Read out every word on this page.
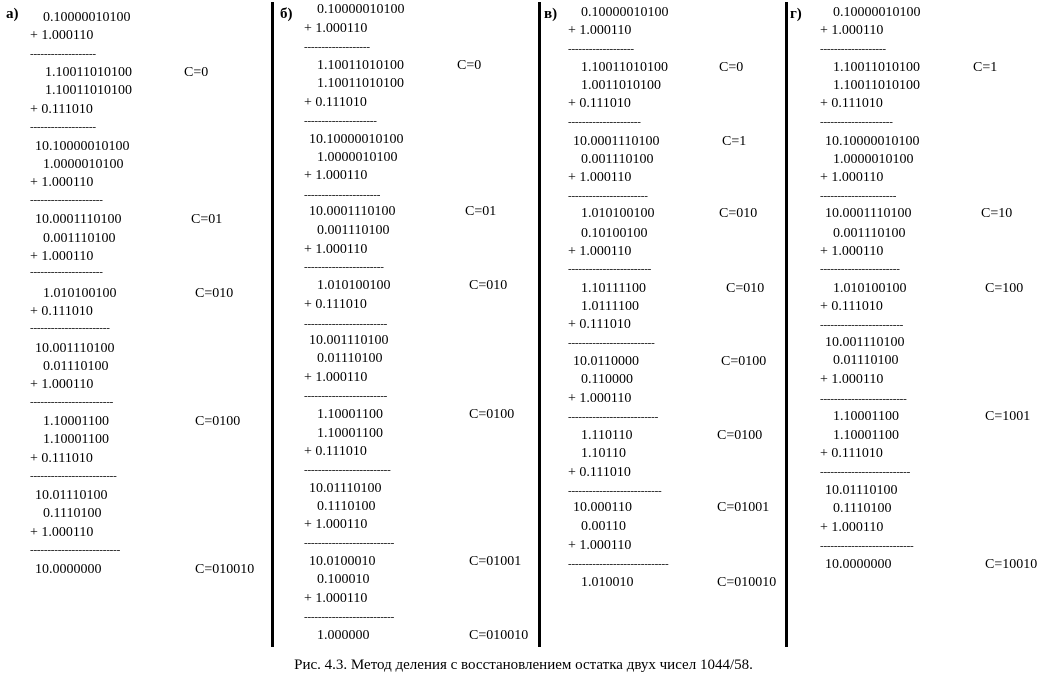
а) 0.10000010100
+ 1.000110
1.10011010100
1.10011010100
+ 0.111010
10.10000010100
1.0000010100
+ 1.000110
10.0001110100
0.001110100
+ 1.000110
1.010100100
+ 0.111010
10.001110100
0.01110100
+ 1.000110
1.10001100
1.10001100
+ 0.111010
10.01110100
0.1110100
+ 1.000110
10.0000000
-------------------
-------------------
---------------------
---------------------
-----------------------
------------------------
-------------------------
--------------------------
C=0
C=01
C=010
C=0100
C=010010
б) 0.10000010100
+ 1.000110
1.10011010100
1.10011010100
+ 0.111010
10.10000010100
1.0000010100
+ 1.000110
10.0001110100
0.001110100
+ 1.000110
1.010100100
+ 0.111010
10.001110100
0.01110100
+ 1.000110
1.10001100
1.10001100
+ 0.111010
10.01110100
0.1110100
+ 1.000110
10.0100010
0.100010
+ 1.000110
1.000000
-------------------
---------------------
----------------------
-----------------------
------------------------
------------------------
-------------------------
--------------------------
--------------------------
C=0
C=01
C=010
C=0100
C=01001
C=010010
в) 0.10000010100
+ 1.000110
1.10011010100
1.0011010100
+ 0.111010
10.0001110100
0.001110100
+ 1.000110
1.010100100
0.10100100
+ 1.000110
1.10111100
1.0111100
+ 0.111010
10.0110000
0.110000
+ 1.000110
1.110110
1.10110
+ 0.111010
10.000110
0.00110
+ 1.000110
1.010010
-------------------
---------------------
-----------------------
------------------------
-------------------------
--------------------------
---------------------------
-----------------------------
C=0
C=1
C=010
C=010
C=0100
C=0100
C=01001
C=010010
г) 0.10000010100
+ 1.000110
1.10011010100
1.10011010100
+ 0.111010
10.10000010100
1.0000010100
+ 1.000110
10.0001110100
0.001110100
+ 1.000110
1.010100100
+ 0.111010
10.001110100
0.01110100
+ 1.000110
1.10001100
1.10001100
+ 0.111010
10.01110100
0.1110100
+ 1.000110
10.0000000
-------------------
---------------------
----------------------
-----------------------
------------------------
-------------------------
--------------------------
---------------------------
C=1
C=10
C=100
C=1001
C=10010
Рис. 4.3. Метод деления с восстановлением остатка двух чисел 1044/58.
